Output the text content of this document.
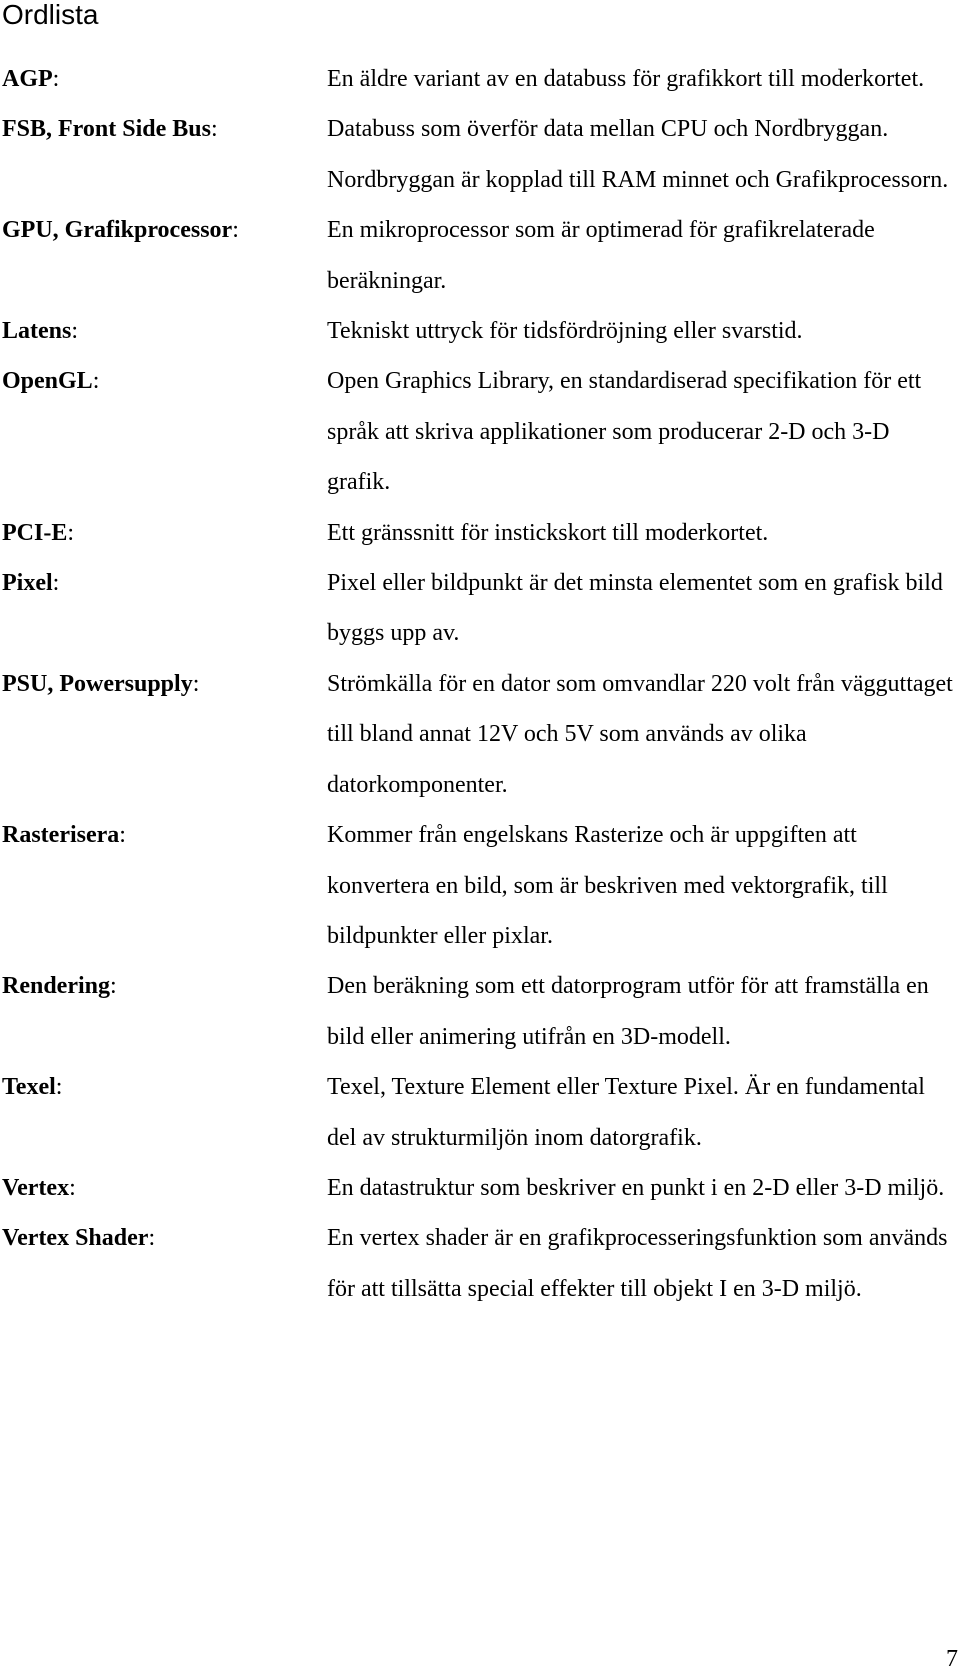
Ordlista
AGP:	En äldre variant av en databuss för grafikkort till moderkortet.
FSB, Front Side Bus:	Databuss som överför data mellan CPU och Nordbryggan. Nordbryggan är kopplad till RAM minnet och Grafikprocessorn.
GPU, Grafikprocessor:	En mikroprocessor som är optimerad för grafikrelaterade beräkningar.
Latens:	Tekniskt uttryck för tidsfördröjning eller svarstid.
OpenGL:	Open Graphics Library, en standardiserad specifikation för ett språk att skriva applikationer som producerar 2-D och 3-D grafik.
PCI-E:	Ett gränssnitt för instickskort till moderkortet.
Pixel:	Pixel eller bildpunkt är det minsta elementet som en grafisk bild byggs upp av.
PSU, Powersupply:	Strömkälla för en dator som omvandlar 220 volt från vägguttaget till bland annat 12V och 5V som används av olika datorkomponenter.
Rasterisera:	Kommer från engelskans Rasterize och är uppgiften att konvertera en bild, som är beskriven med vektorgrafik, till bildpunkter eller pixlar.
Rendering:	Den beräkning som ett datorprogram utför för att framställa en bild eller animering utifrån en 3D-modell.
Texel:	Texel, Texture Element eller Texture Pixel. Är en fundamental del av strukturmiljön inom datorgrafik.
Vertex:	En datastruktur som beskriver en punkt i en 2-D eller 3-D miljö.
Vertex Shader:	En vertex shader är en grafikprocesseringsfunktion som används för att tillsätta special effekter till objekt I en 3-D miljö.
7
